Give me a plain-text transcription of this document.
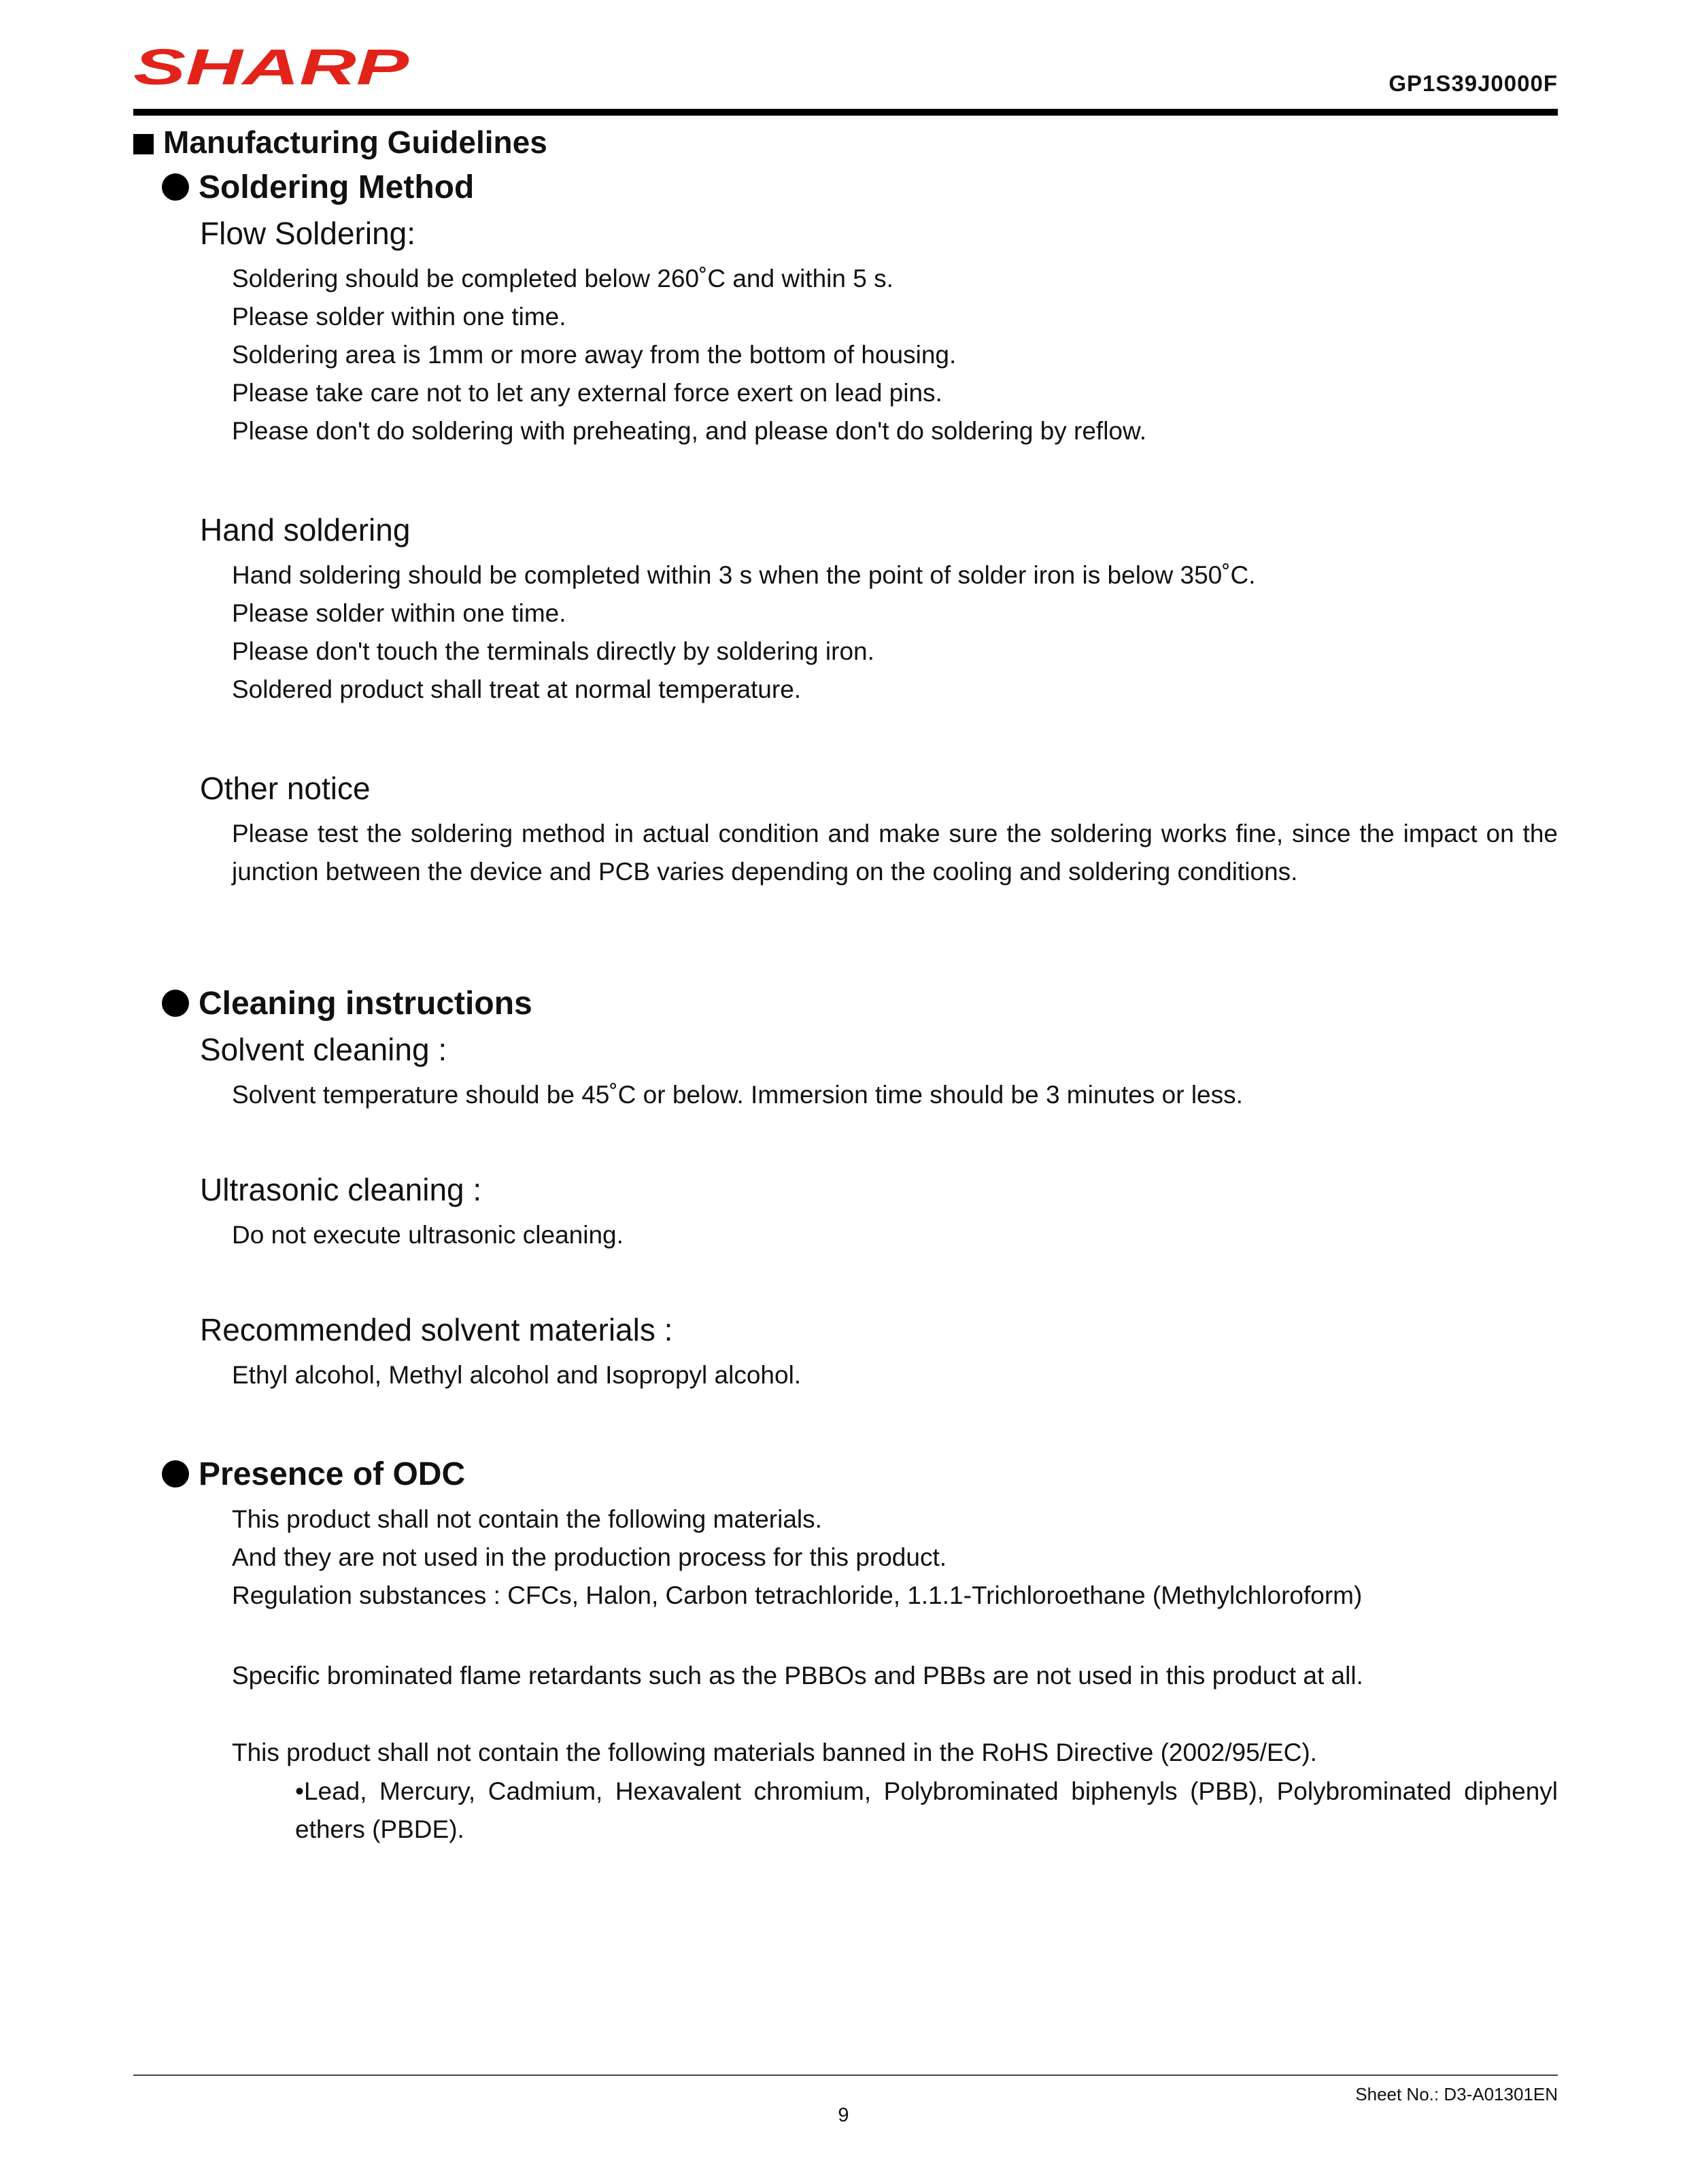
SHARP	GP1S39J0000F
Manufacturing Guidelines
Soldering Method
Flow Soldering:
Soldering should be completed below 260˚C and within 5 s.
Please solder within one time.
Soldering area is 1mm or more away from the bottom of housing.
Please take care not to let any external force exert on lead pins.
Please don't do soldering with preheating, and please don't do soldering by reflow.
Hand soldering
Hand soldering should be completed within 3 s when the point of solder iron is below 350˚C.
Please solder within one time.
Please don't touch the terminals directly by soldering iron.
Soldered product shall treat at normal temperature.
Other notice
Please test the soldering method in actual condition and make sure the soldering works fine, since the impact on the junction between the device and PCB varies depending on the cooling and soldering conditions.
Cleaning instructions
Solvent cleaning :
Solvent temperature should be 45˚C or below. Immersion time should be 3 minutes or less.
Ultrasonic cleaning :
Do not execute ultrasonic cleaning.
Recommended solvent materials :
Ethyl alcohol, Methyl alcohol and Isopropyl alcohol.
Presence of ODC
This product shall not contain the following materials.
And they are not used in the production process for this product.
Regulation substances : CFCs, Halon, Carbon tetrachloride, 1.1.1-Trichloroethane (Methylchloroform)
Specific brominated flame retardants such as the PBBOs and PBBs are not used in this product at all.
This product shall not contain the following materials banned in the RoHS Directive (2002/95/EC).
•Lead, Mercury, Cadmium, Hexavalent chromium, Polybrominated biphenyls (PBB), Polybrominated diphenyl ethers (PBDE).
Sheet No.: D3-A01301EN
9
